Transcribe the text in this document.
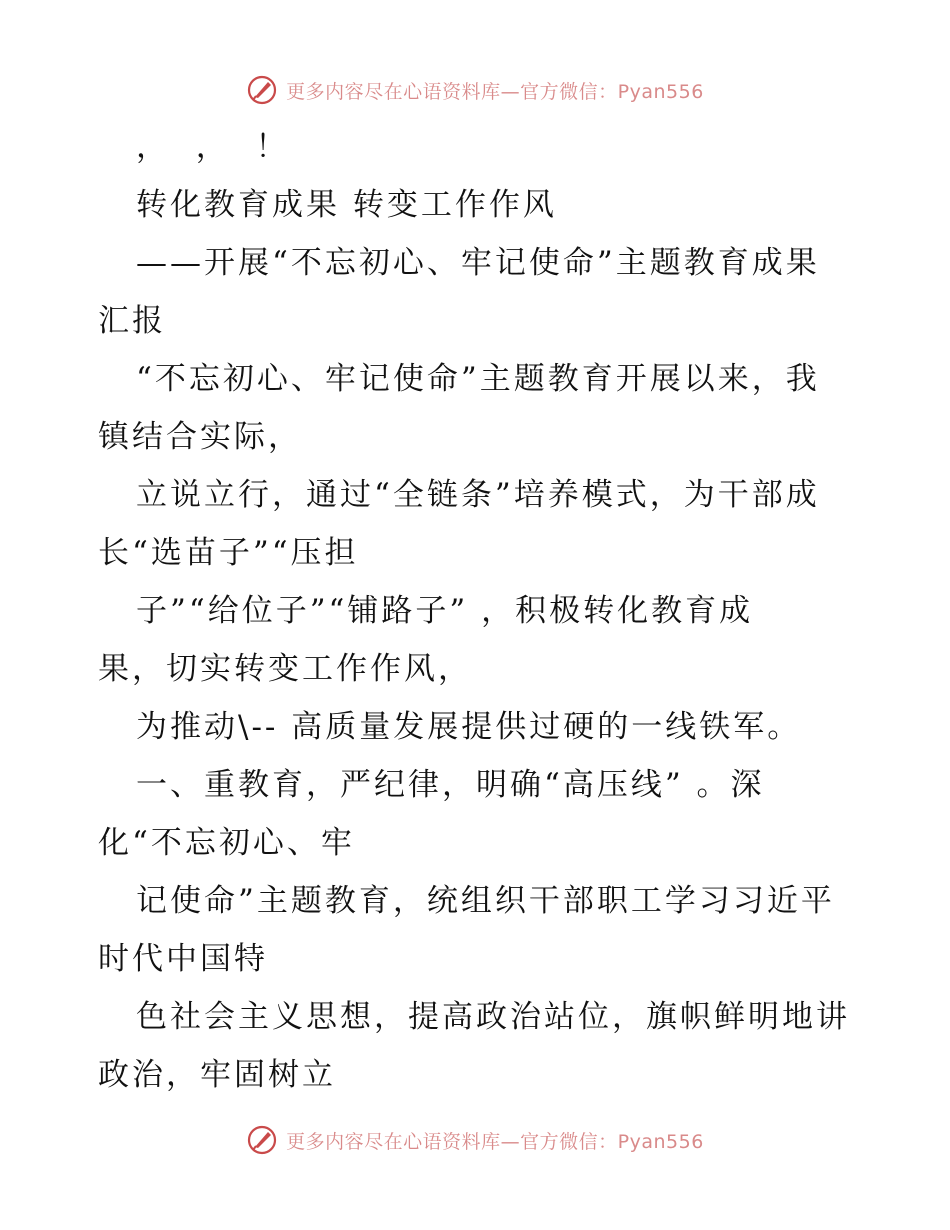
更多内容尽在心语资料库—官方微信：Pyan556
，  ，  ！
转化教育成果 转变工作作风
——开展“不忘初心、牢记使命”主题教育成果
汇报
“不忘初心、牢记使命”主题教育开展以来，我
镇结合实际，
立说立行，通过“全链条”培养模式，为干部成
长“选苗子”“压担
子”“给位子”“铺路子” ，积极转化教育成
果，切实转变工作作风，
为推动\-- 高质量发展提供过硬的一线铁军。
一、重教育，严纪律，明确“高压线” 。深
化“不忘初心、牢
记使命”主题教育，统组织干部职工学习习近平
时代中国特
色社会主义思想，提高政治站位，旗帜鲜明地讲
政治，牢固树立
更多内容尽在心语资料库—官方微信：Pyan556
